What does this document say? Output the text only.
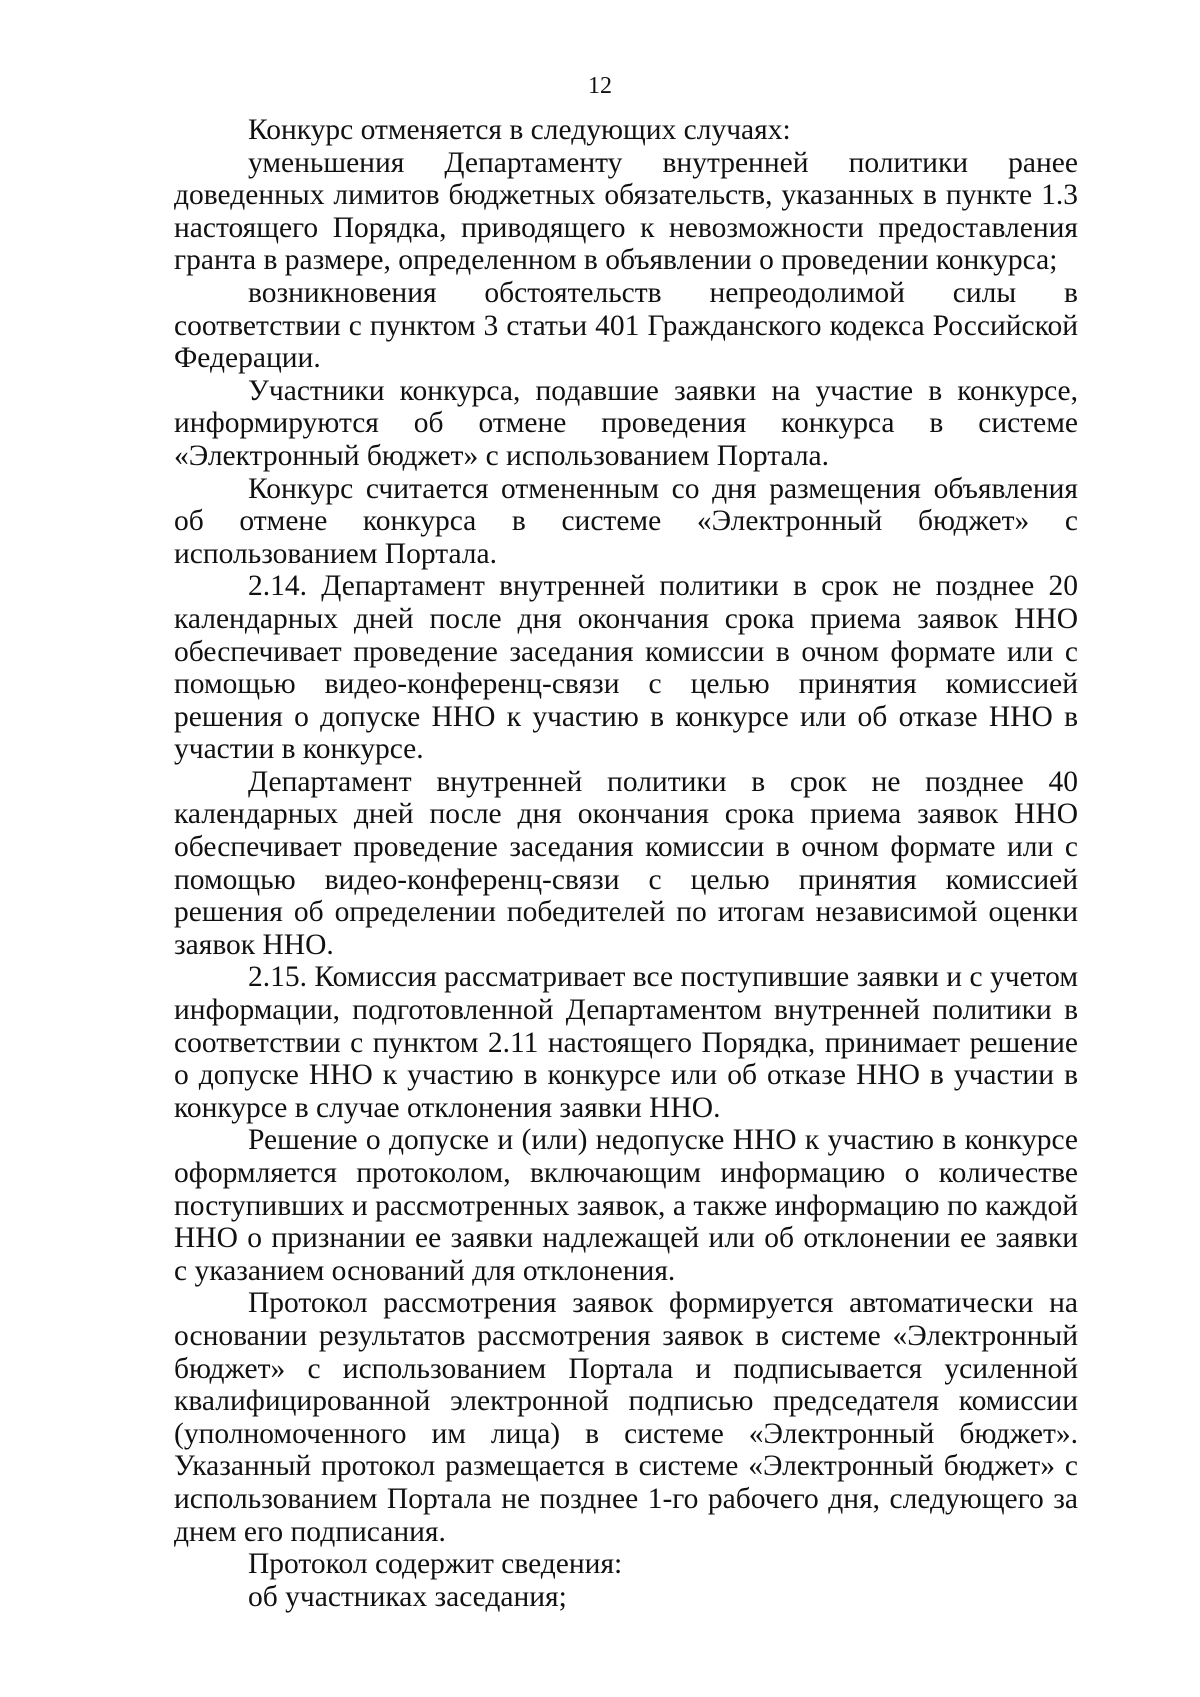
12

Конкурс отменяется в следующих случаях:

уменьшения Департаменту внутренней политики ранее доведенных лимитов бюджетных обязательств, указанных в пункте 1.3 настоящего Порядка, приводящего к невозможности предоставления гранта в размере, определенном в объявлении о проведении конкурса;

возникновения обстоятельств непреодолимой силы в соответствии с пунктом 3 статьи 401 Гражданского кодекса Российской Федерации.

Участники конкурса, подавшие заявки на участие в конкурсе, информируются об отмене проведения конкурса в системе «Электронный бюджет» с использованием Портала.

Конкурс считается отмененным со дня размещения объявления об отмене конкурса в системе «Электронный бюджет» с использованием Портала.

2.14. Департамент внутренней политики в срок не позднее 20 календарных дней после дня окончания срока приема заявок ННО обеспечивает проведение заседания комиссии в очном формате или с помощью видео-конференц-связи с целью принятия комиссией решения о допуске ННО к участию в конкурсе или об отказе ННО в участии в конкурсе.

Департамент внутренней политики в срок не позднее 40 календарных дней после дня окончания срока приема заявок ННО обеспечивает проведение заседания комиссии в очном формате или с помощью видео-конференц-связи с целью принятия комиссией решения об определении победителей по итогам независимой оценки заявок ННО.

2.15. Комиссия рассматривает все поступившие заявки и с учетом информации, подготовленной Департаментом внутренней политики в соответствии с пунктом 2.11 настоящего Порядка, принимает решение о допуске ННО к участию в конкурсе или об отказе ННО в участии в конкурсе в случае отклонения заявки ННО.

Решение о допуске и (или) недопуске ННО к участию в конкурсе оформляется протоколом, включающим информацию о количестве поступивших и рассмотренных заявок, а также информацию по каждой ННО о признании ее заявки надлежащей или об отклонении ее заявки с указанием оснований для отклонения.

Протокол рассмотрения заявок формируется автоматически на основании результатов рассмотрения заявок в системе «Электронный бюджет» с использованием Портала и подписывается усиленной квалифицированной электронной подписью председателя комиссии (уполномоченного им лица) в системе «Электронный бюджет». Указанный протокол размещается в системе «Электронный бюджет» с использованием Портала не позднее 1-го рабочего дня, следующего за днем его подписания.

Протокол содержит сведения:

об участниках заседания;
